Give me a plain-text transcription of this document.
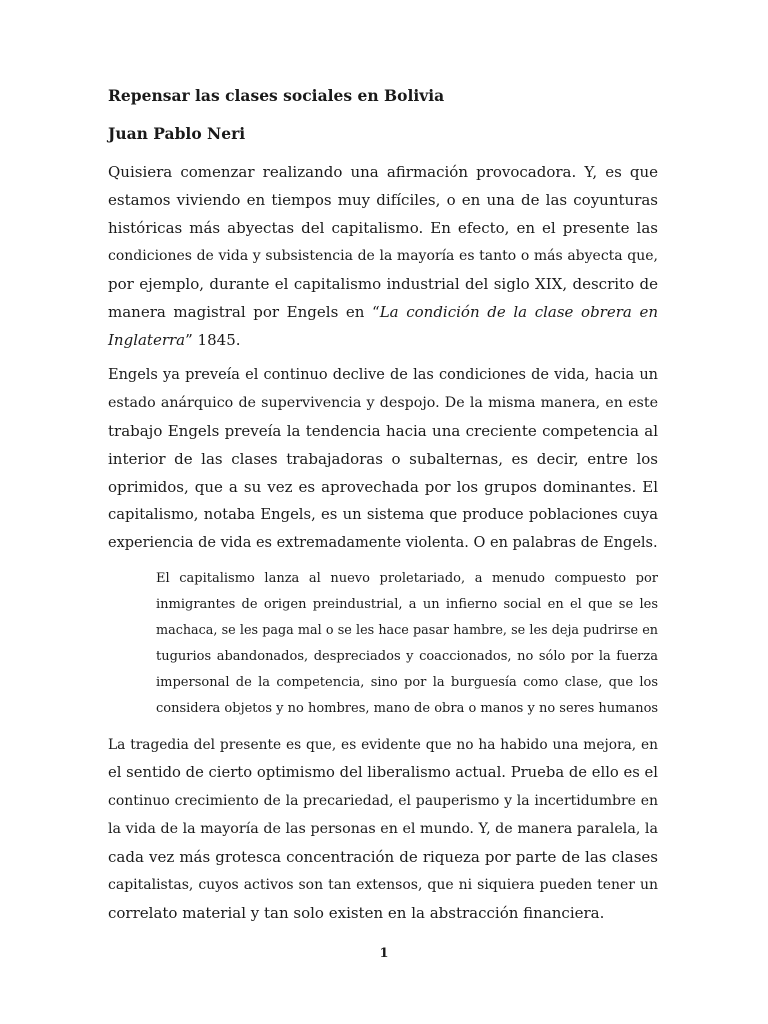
Repensar las clases sociales en Bolivia
Juan Pablo Neri
Quisiera comenzar realizando una afirmación provocadora. Y, es que
estamos viviendo en tiempos muy difíciles, o en una de las coyunturas
históricas más abyectas del capitalismo. En efecto, en el presente las
condiciones de vida y subsistencia de la mayoría es tanto o más abyecta que,
por ejemplo, durante el capitalismo industrial del siglo XIX, descrito de
manera magistral por Engels en “La condición de la clase obrera en
Inglaterra” 1845.
Engels ya preveía el continuo declive de las condiciones de vida, hacia un
estado anárquico de supervivencia y despojo. De la misma manera, en este
trabajo Engels preveía la tendencia hacia una creciente competencia al
interior de las clases trabajadoras o subalternas, es decir, entre los
oprimidos, que a su vez es aprovechada por los grupos dominantes. El
capitalismo, notaba Engels, es un sistema que produce poblaciones cuya
experiencia de vida es extremadamente violenta. O en palabras de Engels.
El capitalismo lanza al nuevo proletariado, a menudo compuesto por
inmigrantes de origen preindustrial, a un infierno social en el que se les
machaca, se les paga mal o se les hace pasar hambre, se les deja pudrirse en
tugurios abandonados, despreciados y coaccionados, no sólo por la fuerza
impersonal de la competencia, sino por la burguesía como clase, que los
considera objetos y no hombres, mano de obra o manos y no seres humanos
La tragedia del presente es que, es evidente que no ha habido una mejora, en
el sentido de cierto optimismo del liberalismo actual. Prueba de ello es el
continuo crecimiento de la precariedad, el pauperismo y la incertidumbre en
la vida de la mayoría de las personas en el mundo. Y, de manera paralela, la
cada vez más grotesca concentración de riqueza por parte de las clases
capitalistas, cuyos activos son tan extensos, que ni siquiera pueden tener un
correlato material y tan solo existen en la abstracción financiera.
1
